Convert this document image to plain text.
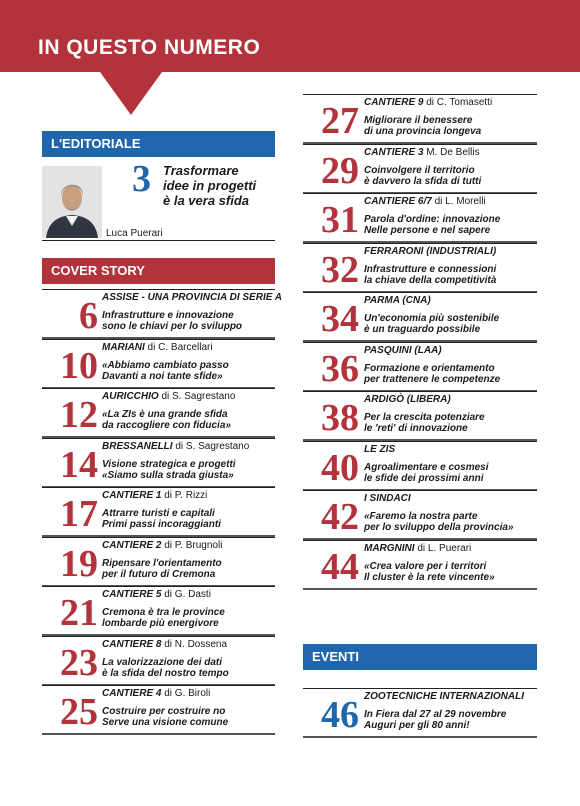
IN QUESTO NUMERO
L'EDITORIALE
3 Trasformare
idee in progetti
è la vera sfida
Luca Puerari
COVER STORY
6 ASSISE - UNA PROVINCIA DI SERIE A
Infrastrutture e innovazione
sono le chiavi per lo sviluppo
10 MARIANI di C. Barcellari
«Abbiamo cambiato passo
Davanti a noi tante sfide»
12 AURICCHIO di S. Sagrestano
«La ZIs è una grande sfida
da raccogliere con fiducia»
14 BRESSANELLI di S. Sagrestano
Visione strategica e progetti
«Siamo sulla strada giusta»
17 CANTIERE 1 di P. Rizzi
Attrarre turisti e capitali
Primi passi incoraggianti
19 CANTIERE 2 di P. Brugnoli
Ripensare l'orientamento
per il futuro di Cremona
21 CANTIERE 5 di G. Dasti
Cremona è tra le province
lombarde più energivore
23 CANTIERE 8 di N. Dossena
La valorizzazione dei dati
è la sfida del nostro tempo
25 CANTIERE 4 di G. Biroli
Costruire per costruire no
Serve una visione comune
27 CANTIERE 9 di C. Tomasetti
Migliorare il benessere
di una provincia longeva
29 CANTIERE 3 M. De Bellis
Coinvolgere il territorio
è davvero la sfida di tutti
31 CANTIERE 6/7 di L. Morelli
Parola d'ordine: innovazione
Nelle persone e nel sapere
32 FERRARONI (INDUSTRIALI)
Infrastrutture e connessioni
la chiave della competitività
34 PARMA (CNA)
Un'economia più sostenibile
è un traguardo possibile
36 PASQUINI (LAA)
Formazione e orientamento
per trattenere le competenze
38 ARDIGÒ (LIBERA)
Per la crescita potenziare
le 'reti' di innovazione
40 LE ZIS
Agroalimentare e cosmesi
le sfide dei prossimi anni
42 I SINDACI
«Faremo la nostra parte
per lo sviluppo della provincia»
44 MARGNINI di L. Puerari
«Crea valore per i territori
Il cluster è la rete vincente»
EVENTI
46 ZOOTECNICHE INTERNAZIONALI
In Fiera dal 27 al 29 novembre
Auguri per gli 80 anni!
